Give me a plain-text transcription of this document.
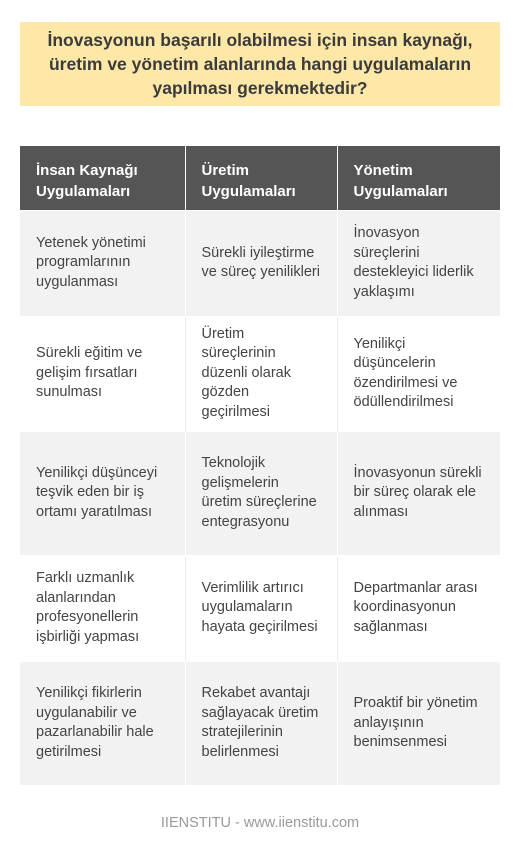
İnovasyonun başarılı olabilmesi için insan kaynağı, üretim ve yönetim alanlarında hangi uygulamaların yapılması gerekmektedir?
İnsan Kaynağı Uygulamaları	Üretim Uygulamaları	Yönetim Uygulamaları
Yetenek yönetimi programlarının uygulanması	Sürekli iyileştirme ve süreç yenilikleri	İnovasyon süreçlerini destekleyici liderlik yaklaşımı
Sürekli eğitim ve gelişim fırsatları sunulması	Üretim süreçlerinin düzenli olarak gözden geçirilmesi	Yenilikçi düşüncelerin özendirilmesi ve ödüllendirilmesi
Yenilikçi düşünceyi teşvik eden bir iş ortamı yaratılması	Teknolojik gelişmelerin üretim süreçlerine entegrasyonu	İnovasyonun sürekli bir süreç olarak ele alınması
Farklı uzmanlık alanlarından profesyonellerin işbirliği yapması	Verimlilik artırıcı uygulamaların hayata geçirilmesi	Departmanlar arası koordinasyonun sağlanması
Yenilikçi fikirlerin uygulanabilir ve pazarlanabilir hale getirilmesi	Rekabet avantajı sağlayacak üretim stratejilerinin belirlenmesi	Proaktif bir yönetim anlayışının benimsenmesi
IIENSTITU - www.iienstitu.com
